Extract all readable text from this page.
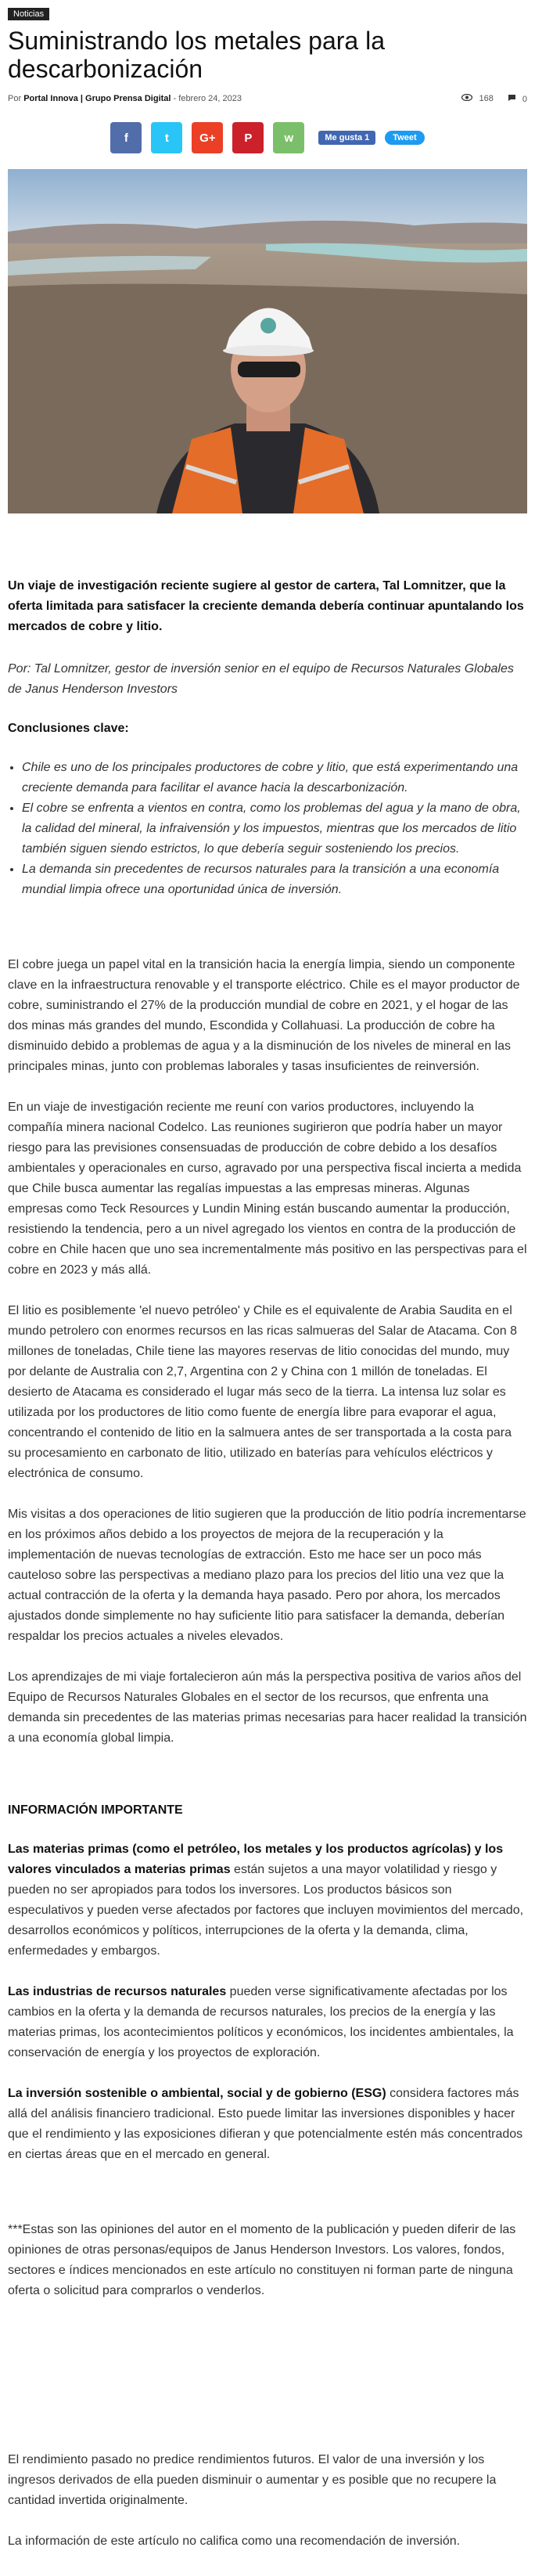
Noticias
Suministrando los metales para la descarbonización
Por Portal Innova | Grupo Prensa Digital - febrero 24, 2023	168	0
f	t	G+ P	w	Me gusta 1	Tweet

Un viaje de investigación reciente sugiere al gestor de cartera, Tal Lomnitzer, que la oferta limitada para satisfacer la creciente demanda debería continuar apuntalando los mercados de cobre y litio.

Por: Tal Lomnitzer, gestor de inversión senior en el equipo de Recursos Naturales Globales de Janus Henderson Investors

Conclusiones clave:

• Chile es uno de los principales productores de cobre y litio, que está experimentando una creciente demanda para facilitar el avance hacia la descarbonización.
• El cobre se enfrenta a vientos en contra, como los problemas del agua y la mano de obra, la calidad del mineral, la infraivensión y los impuestos, mientras que los mercados de litio también siguen siendo estrictos, lo que debería seguir sosteniendo los precios.
• La demanda sin precedentes de recursos naturales para la transición a una economía mundial limpia ofrece una oportunidad única de inversión.

El cobre juega un papel vital en la transición hacia la energía limpia, siendo un componente clave en la infraestructura renovable y el transporte eléctrico. Chile es el mayor productor de cobre, suministrando el 27% de la producción mundial de cobre en 2021, y el hogar de las dos minas más grandes del mundo, Escondida y Collahuasi. La producción de cobre ha disminuido debido a problemas de agua y a la disminución de los niveles de mineral en las principales minas, junto con problemas laborales y tasas insuficientes de reinversión.

En un viaje de investigación reciente me reuní con varios productores, incluyendo la compañía minera nacional Codelco. Las reuniones sugirieron que podría haber un mayor riesgo para las previsiones consensuadas de producción de cobre debido a los desafíos ambientales y operacionales en curso, agravado por una perspectiva fiscal incierta a medida que Chile busca aumentar las regalías impuestas a las empresas mineras. Algunas empresas como Teck Resources y Lundin Mining están buscando aumentar la producción, resistiendo la tendencia, pero a un nivel agregado los vientos en contra de la producción de cobre en Chile hacen que uno sea incrementalmente más positivo en las perspectivas para el cobre en 2023 y más allá.

El litio es posiblemente 'el nuevo petróleo' y Chile es el equivalente de Arabia Saudita en el mundo petrolero con enormes recursos en las ricas salmueras del Salar de Atacama. Con 8 millones de toneladas, Chile tiene las mayores reservas de litio conocidas del mundo, muy por delante de Australia con 2,7, Argentina con 2 y China con 1 millón de toneladas. El desierto de Atacama es considerado el lugar más seco de la tierra. La intensa luz solar es utilizada por los productores de litio como fuente de energía libre para evaporar el agua, concentrando el contenido de litio en la salmuera antes de ser transportada a la costa para su procesamiento en carbonato de litio, utilizado en baterías para vehículos eléctricos y electrónica de consumo.

Mis visitas a dos operaciones de litio sugieren que la producción de litio podría incrementarse en los próximos años debido a los proyectos de mejora de la recuperación y la implementación de nuevas tecnologías de extracción. Esto me hace ser un poco más cauteloso sobre las perspectivas a mediano plazo para los precios del litio una vez que la actual contracción de la oferta y la demanda haya pasado. Pero por ahora, los mercados ajustados donde simplemente no hay suficiente litio para satisfacer la demanda, deberían respaldar los precios actuales a niveles elevados.

Los aprendizajes de mi viaje fortalecieron aún más la perspectiva positiva de varios años del Equipo de Recursos Naturales Globales en el sector de los recursos, que enfrenta una demanda sin precedentes de las materias primas necesarias para hacer realidad la transición a una economía global limpia.

INFORMACIÓN IMPORTANTE

Las materias primas (como el petróleo, los metales y los productos agrícolas) y los valores vinculados a materias primas están sujetos a una mayor volatilidad y riesgo y pueden no ser apropiados para todos los inversores. Los productos básicos son especulativos y pueden verse afectados por factores que incluyen movimientos del mercado, desarrollos económicos y políticos, interrupciones de la oferta y la demanda, clima, enfermedades y embargos.

Las industrias de recursos naturales pueden verse significativamente afectadas por los cambios en la oferta y la demanda de recursos naturales, los precios de la energía y las materias primas, los acontecimientos políticos y económicos, los incidentes ambientales, la conservación de energía y los proyectos de exploración.

La inversión sostenible o ambiental, social y de gobierno (ESG) considera factores más allá del análisis financiero tradicional. Esto puede limitar las inversiones disponibles y hacer que el rendimiento y las exposiciones difieran y que potencialmente estén más concentrados en ciertas áreas que en el mercado en general.

***Estas son las opiniones del autor en el momento de la publicación y pueden diferir de las opiniones de otras personas/equipos de Janus Henderson Investors. Los valores, fondos, sectores e índices mencionados en este artículo no constituyen ni forman parte de ninguna oferta o solicitud para comprarlos o venderlos.

El rendimiento pasado no predice rendimientos futuros. El valor de una inversión y los ingresos derivados de ella pueden disminuir o aumentar y es posible que no recupere la cantidad invertida originalmente.

La información de este artículo no califica como una recomendación de inversión.
